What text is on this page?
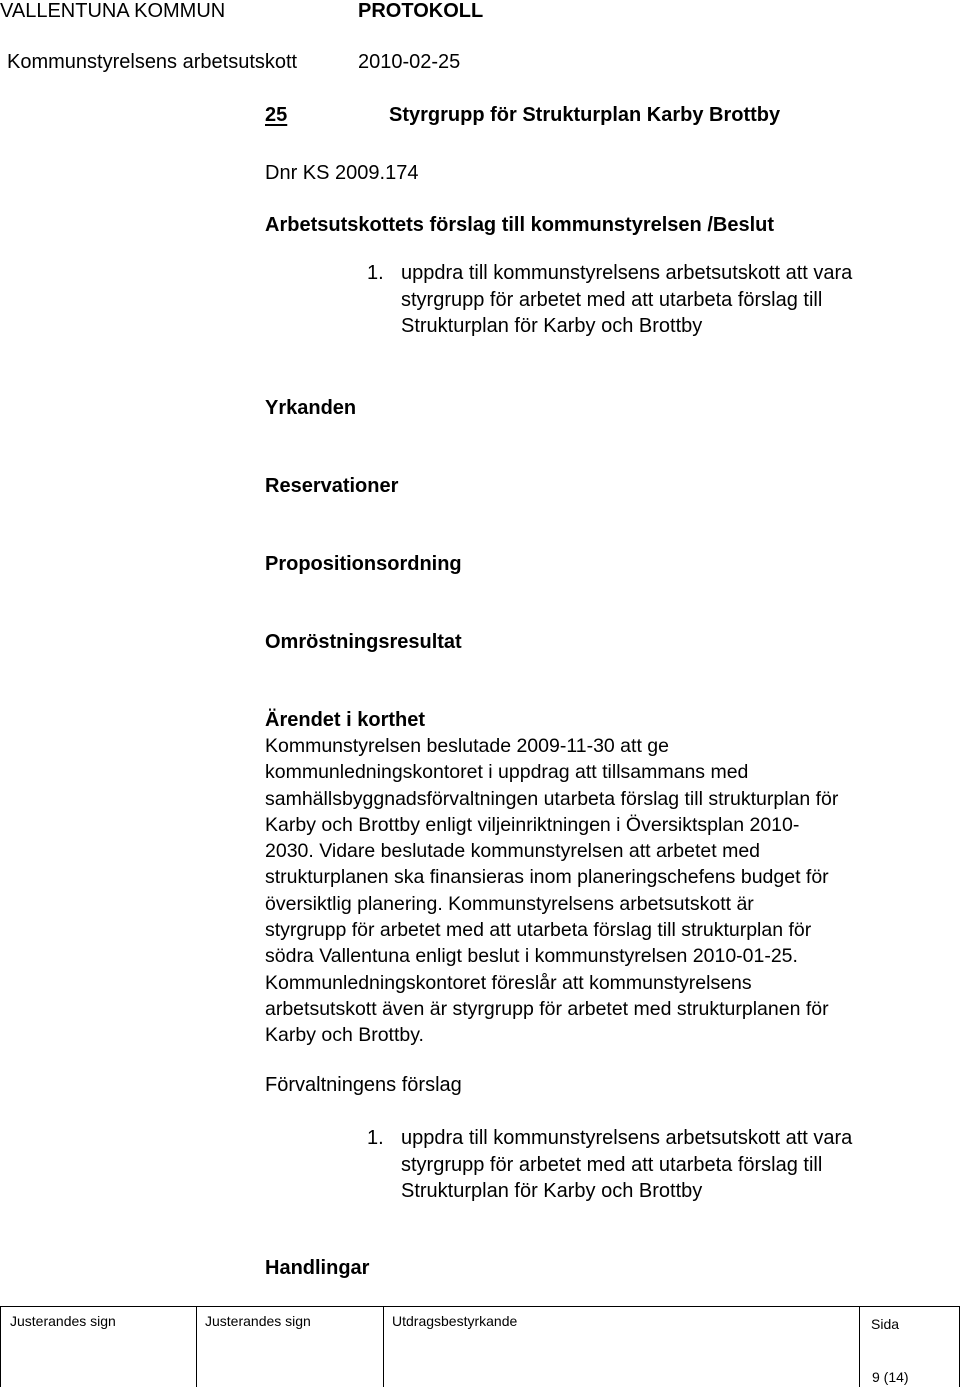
VALLENTUNA KOMMUN	PROTOKOLL
Kommunstyrelsens arbetsutskott	2010-02-25
25	Styrgrupp för Strukturplan Karby Brottby
Dnr KS 2009.174
Arbetsutskottets förslag till kommunstyrelsen /Beslut
1. uppdra till kommunstyrelsens arbetsutskott att vara
styrgrupp för arbetet med att utarbeta förslag till
Strukturplan för Karby och Brottby
Yrkanden
Reservationer
Propositionsordning
Omröstningsresultat
Ärendet i korthet

Kommunstyrelsen beslutade 2009-11-30 att ge

kommunledningskontoret i uppdrag att tillsammans med

samhällsbyggnadsförvaltningen utarbeta förslag till strukturplan för

Karby och Brottby enligt viljeinriktningen i Översiktsplan 2010-

2030. Vidare beslutade kommunstyrelsen att arbetet med

strukturplanen ska finansieras inom planeringschefens budget för

översiktlig planering. Kommunstyrelsens arbetsutskott är

styrgrupp för arbetet med att utarbeta förslag till strukturplan för

södra Vallentuna enligt beslut i kommunstyrelsen 2010-01-25.

Kommunledningskontoret föreslår att kommunstyrelsens

arbetsutskott även är styrgrupp för arbetet med strukturplanen för

Karby och Brottby.

Förvaltningens förslag
1. uppdra till kommunstyrelsens arbetsutskott att vara
styrgrupp för arbetet med att utarbeta förslag till
Strukturplan för Karby och Brottby
Handlingar
Justerandes sign	Justerandes sign	Utdragsbestyrkande	Sida
9 (14)
